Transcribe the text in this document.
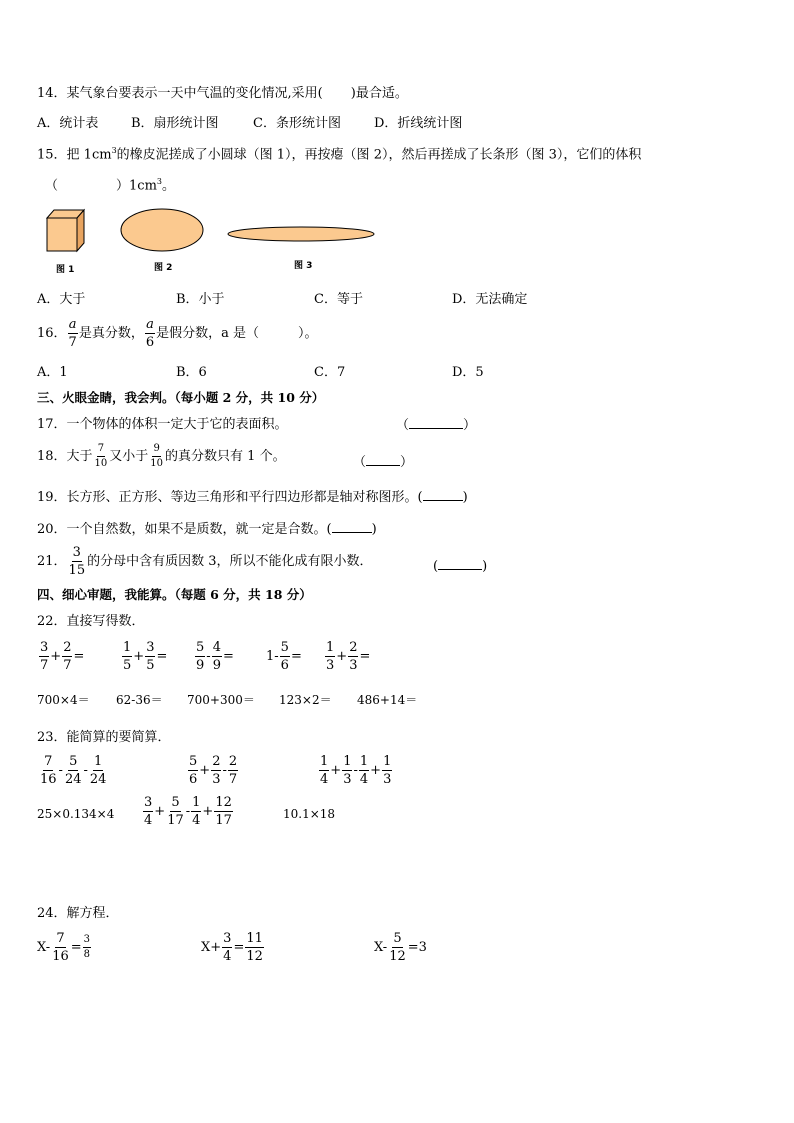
14．某气象台要表示一天中气温的变化情况,采用( )最合适。
A．统计表	B．扇形统计图	C．条形统计图	D．折线统计图
15．把 $1cm^3$的橡皮泥搓成了小圆球（图 1），再按瘪（图 2），然后再搓成了长条形（图 3），它们的体积
（	）$1cm^3$。
图 1	图 2	图 3
A．大于	B．小于	C．等于	D．无法确定
16． $\frac{a}{7}$ 是真分数， $\frac{a}{6}$ 是假分数，a 是（　　　）。
A．1	B．6	C．7	D．5
三、火眼金睛，我会判。（每小题 2 分，共 10 分）
17．一个物体的体积一定大于它的表面积。	（	）
18．大于 $\frac{7}{10}$ 又小于 $\frac{9}{10}$ 的真分数只有 1 个。	（	）
19．长方形、正方形、等边三角形和平行四边形都是轴对称图形。(	)
20．一个自然数，如果不是质数，就一定是合数。(	)
21． $\frac{3}{15}$ 的分母中含有质因数 3，所以不能化成有限小数．	(	)
四、细心审题，我能算。（每题 6 分，共 18 分）
22．直接写得数．
$\frac{3}{7} + \frac{2}{7}$ =	$\frac{1}{5} + \frac{3}{5} = \frac{5}{9} - \frac{4}{9} = 1- \frac{5}{6} = \frac{1}{3} + \frac{2}{3}$ =
700×4＝ 62-36＝ 700+300＝ 123×2＝ 486+14＝
23．能简算的要简算．
$\frac{7}{16} - \frac{5}{24} - \frac{1}{24}$	$\frac{5}{6} + \frac{2}{3} - \frac{2}{7}$	$\frac{1}{4} + \frac{1}{3} - \frac{1}{4} + \frac{1}{3}$
$25\times 0.134\times 4 \frac{3}{4} + \frac{5}{17} - \frac{1}{4} + \frac{12}{17}$	10.1×18
24．解方程．
$X- \frac{7}{16} = \frac{3}{8}$	$X+ \frac{3}{4} = \frac{11}{12}$	$X- \frac{5}{12} =3$
